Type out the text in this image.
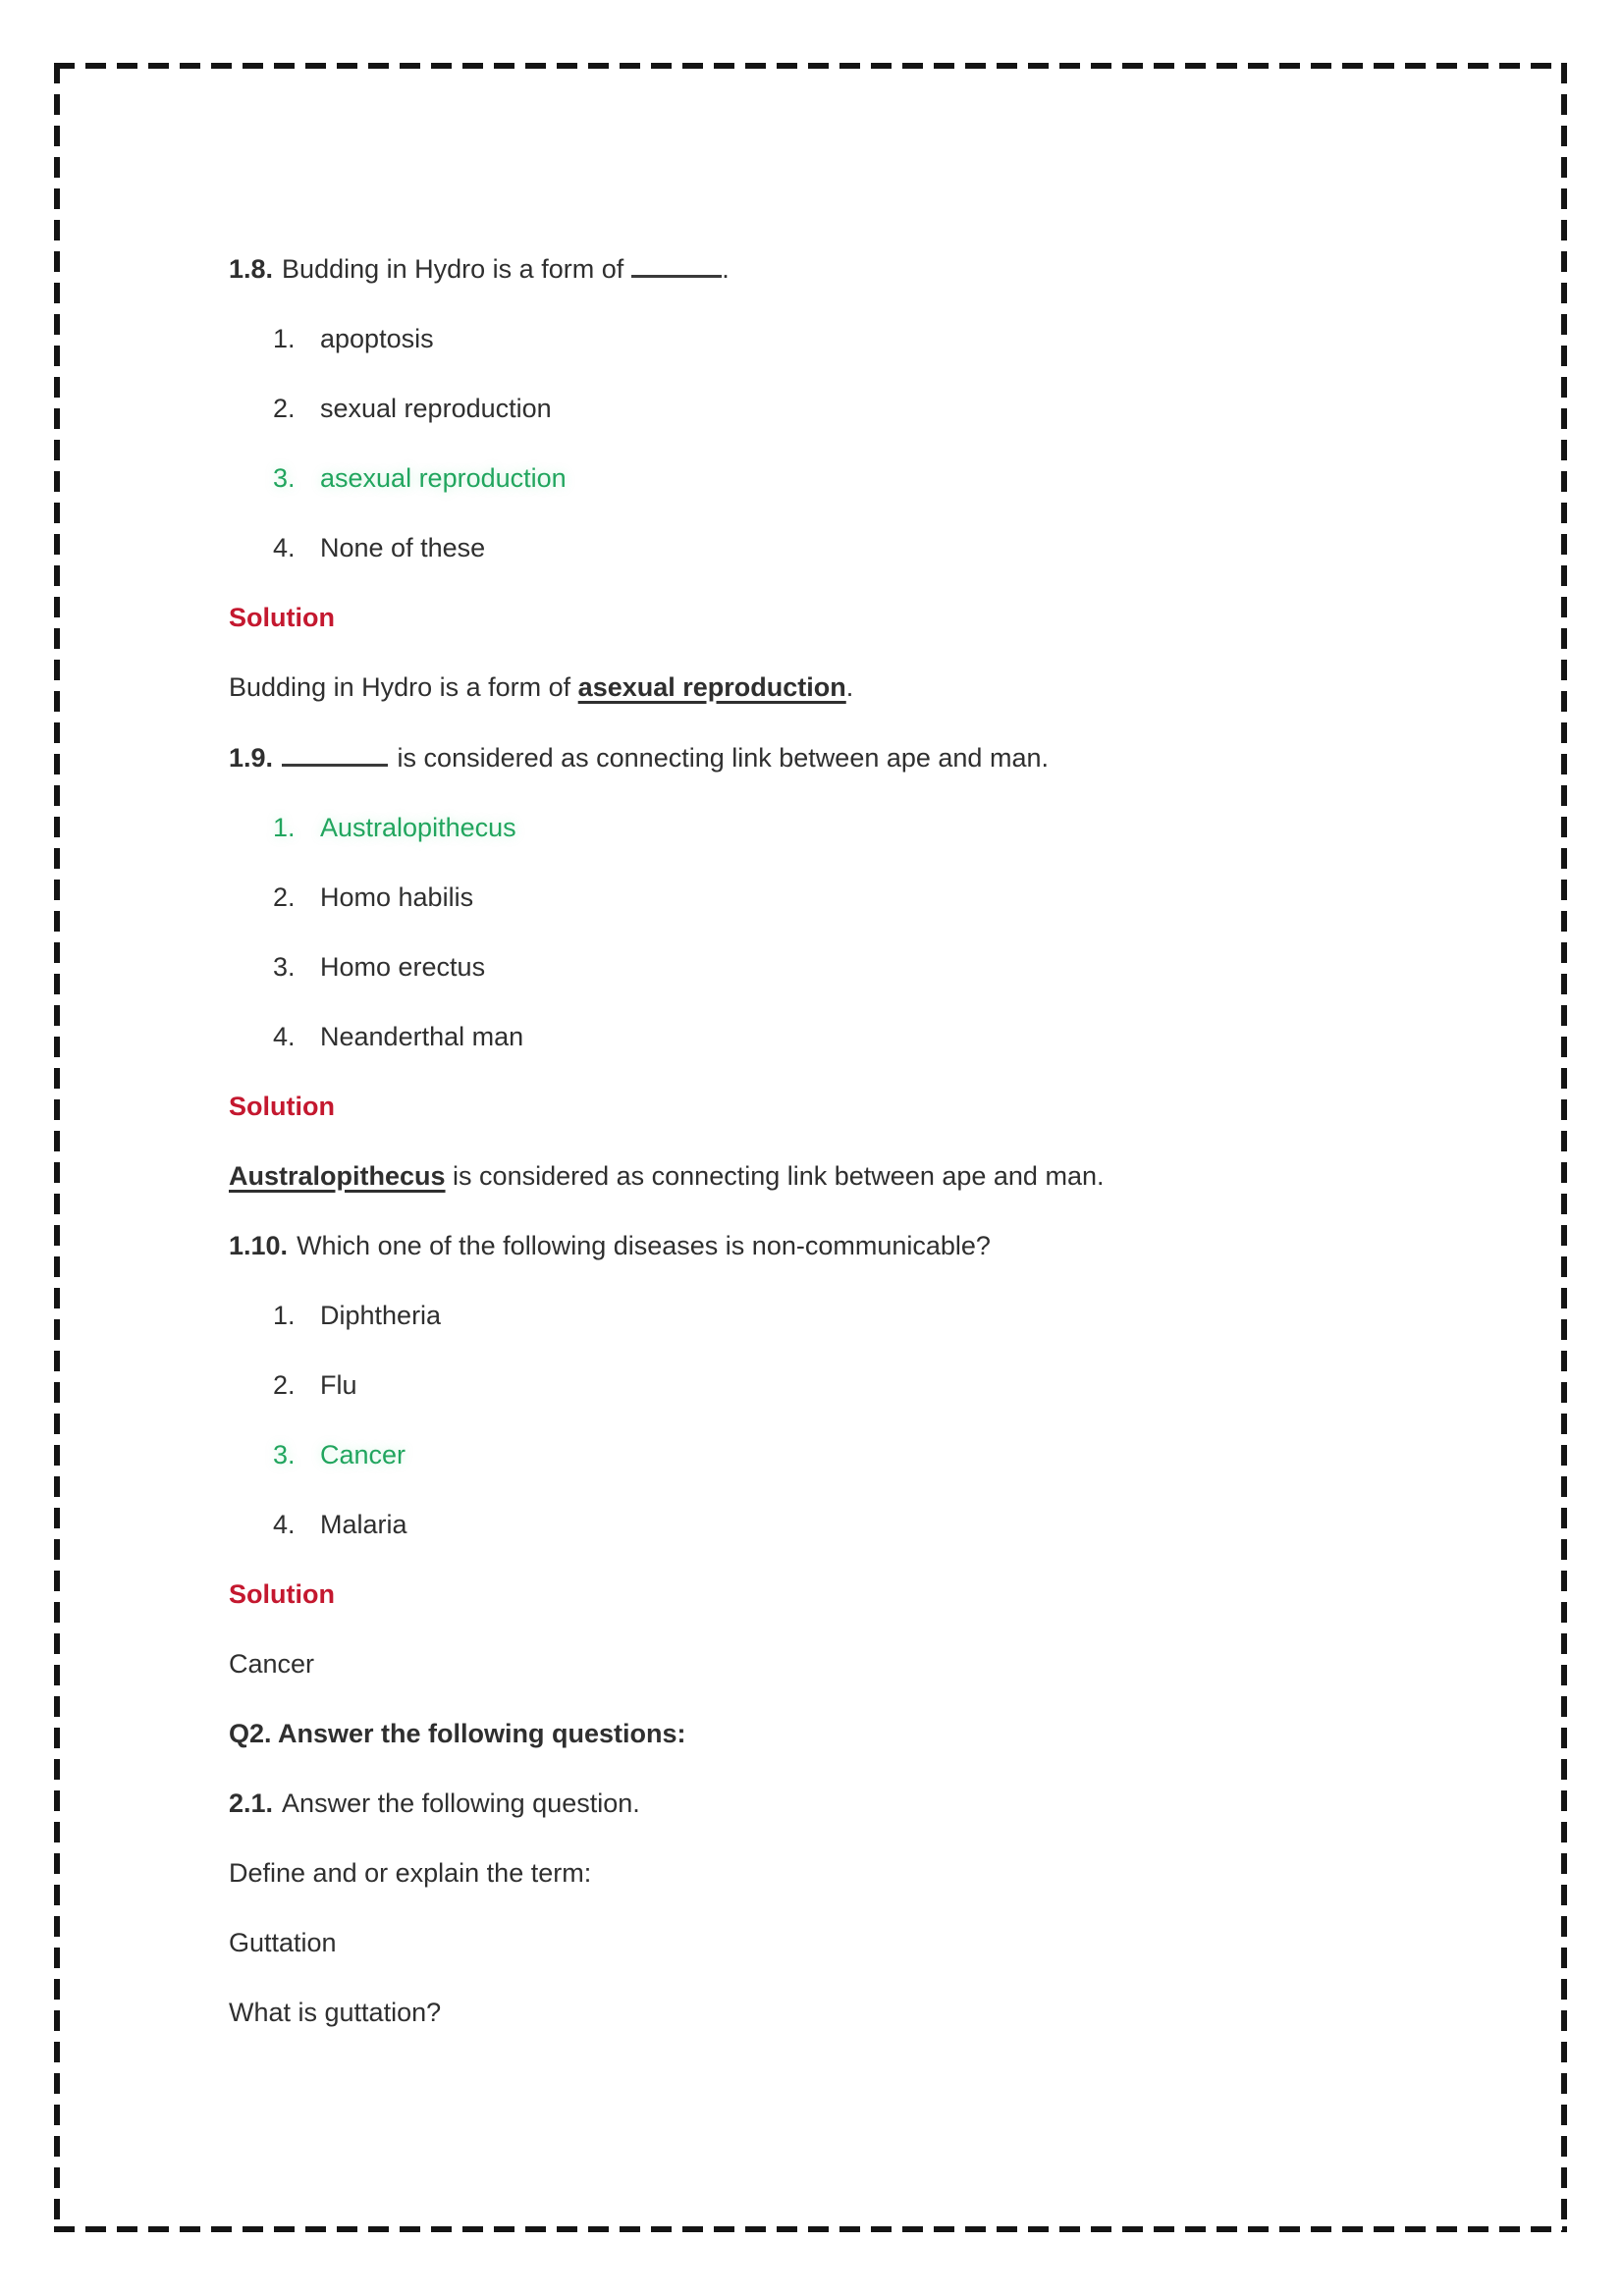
1.8. Budding in Hydro is a form of	.
1. apoptosis
2. sexual reproduction
3. asexual reproduction
4. None of these
Solution
Budding in Hydro is a form of asexual reproduction.
1.9.	is considered as connecting link between ape and man.
1. Australopithecus
2. Homo habilis
3. Homo erectus
4. Neanderthal man
Solution
Australopithecus is considered as connecting link between ape and man.
1.10. Which one of the following diseases is non-communicable?
1. Diphtheria
2. Flu
3. Cancer
4. Malaria
Solution
Cancer
Q2. Answer the following questions:
2.1. Answer the following question.
Define and or explain the term:
Guttation
What is guttation?
